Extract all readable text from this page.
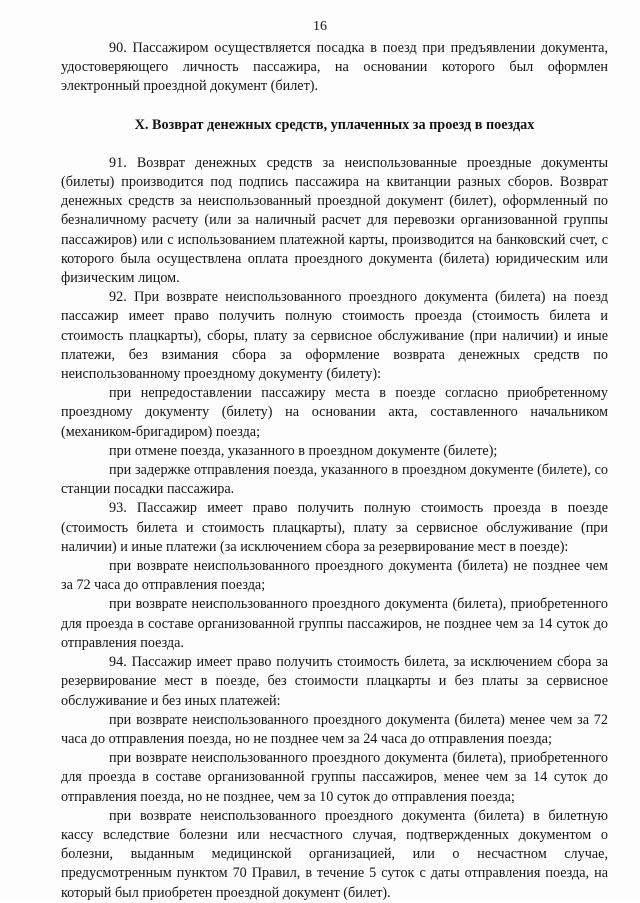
16

90. Пассажиром осуществляется посадка в поезд при предъявлении документа, удостоверяющего личность пассажира, на основании которого был оформлен электронный проездной документ (билет).

X. Возврат денежных средств, уплаченных за проезд в поездах

91. Возврат денежных средств за неиспользованные проездные документы (билеты) производится под подпись пассажира на квитанции разных сборов. Возврат денежных средств за неиспользованный проездной документ (билет), оформленный по безналичному расчету (или за наличный расчет для перевозки организованной группы пассажиров) или с использованием платежной карты, производится на банковский счет, с которого была осуществлена оплата проездного документа (билета) юридическим или физическим лицом.

92. При возврате неиспользованного проездного документа (билета) на поезд пассажир имеет право получить полную стоимость проезда (стоимость билета и стоимость плацкарты), сборы, плату за сервисное обслуживание (при наличии) и иные платежи, без взимания сбора за оформление возврата денежных средств по неиспользованному проездному документу (билету):

при непредоставлении пассажиру места в поезде согласно приобретенному проездному документу (билету) на основании акта, составленного начальником (механиком-бригадиром) поезда;

при отмене поезда, указанного в проездном документе (билете);

при задержке отправления поезда, указанного в проездном документе (билете), со станции посадки пассажира.

93. Пассажир имеет право получить полную стоимость проезда в поезде (стоимость билета и стоимость плацкарты), плату за сервисное обслуживание (при наличии) и иные платежи (за исключением сбора за резервирование мест в поезде):

при возврате неиспользованного проездного документа (билета) не позднее чем за 72 часа до отправления поезда;

при возврате неиспользованного проездного документа (билета), приобретенного для проезда в составе организованной группы пассажиров, не позднее чем за 14 суток до отправления поезда.

94. Пассажир имеет право получить стоимость билета, за исключением сбора за резервирование мест в поезде, без стоимости плацкарты и без платы за сервисное обслуживание и без иных платежей:

при возврате неиспользованного проездного документа (билета) менее чем за 72 часа до отправления поезда, но не позднее чем за 24 часа до отправления поезда;

при возврате неиспользованного проездного документа (билета), приобретенного для проезда в составе организованной группы пассажиров, менее чем за 14 суток до отправления поезда, но не позднее, чем за 10 суток до отправления поезда;

при возврате неиспользованного проездного документа (билета) в билетную кассу вследствие болезни или несчастного случая, подтвержденных документом о болезни, выданным медицинской организацией, или о несчастном случае, предусмотренным пунктом 70 Правил, в течение 5 суток с даты отправления поезда, на который был приобретен проездной документ (билет).
